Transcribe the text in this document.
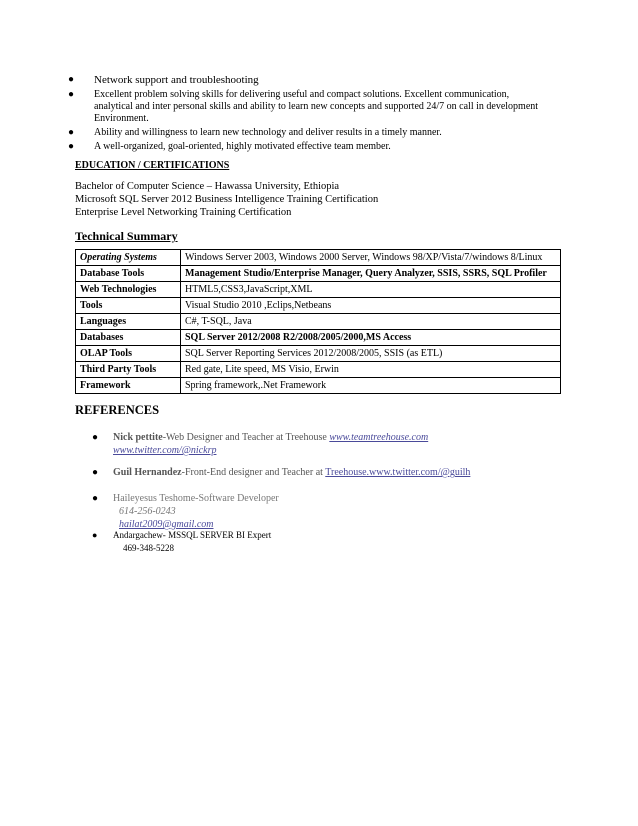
● Network support and troubleshooting
● Excellent problem solving skills for delivering useful and compact solutions. Excellent communication, analytical and inter personal skills and ability to learn new concepts and supported 24/7 on call in development Environment.
● Ability and willingness to learn new technology and deliver results in a timely manner.
● A well-organized, goal-oriented, highly motivated effective team member.
EDUCATION / CERTIFICATIONS
Bachelor of Computer Science – Hawassa University, Ethiopia
Microsoft SQL Server 2012 Business Intelligence Training Certification
Enterprise Level Networking Training Certification
Technical Summary
Operating Systems	Windows Server 2003, Windows 2000 Server, Windows 98/XP/Vista/7/windows 8/Linux
Database Tools	Management Studio/Enterprise Manager, Query Analyzer, SSIS, SSRS, SQL Profiler
Web Technologies	HTML5,CSS3,JavaScript,XML
Tools	Visual Studio 2010 ,Eclips,Netbeans
Languages	C#, T-SQL, Java
Databases	SQL Server 2012/2008 R2/2008/2005/2000,MS Access
OLAP Tools	SQL Server Reporting Services 2012/2008/2005, SSIS (as ETL)
Third Party Tools	Red gate, Lite speed, MS Visio, Erwin
Framework	Spring framework,.Net Framework
REFERENCES
● Nick pettite-Web Designer and Teacher at Treehouse www.teamtreehouse.com
www.twitter.com/@nickrp
● Guil Hernandez-Front-End designer and Teacher at Treehouse.www.twitter.com/@guilh
● Haileyesus Teshome-Software Developer
614-256-0243
hailat2009@gmail.com
● Andargachew- MSSQL SERVER BI Expert
469-348-5228
